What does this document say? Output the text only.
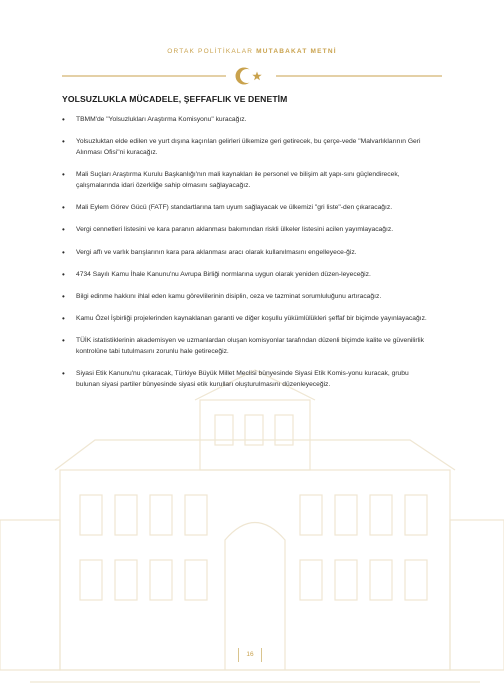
ORTAK POLİTİKALAR MUTABAKAT METNİ
YOLSUZLUKLA MÜCADELE, ŞEFFAFLIK VE DENETİM
• TBMM'de "Yolsuzlukları Araştırma Komisyonu" kuracağız.
• Yolsuzluktan elde edilen ve yurt dışına kaçırılan gelirleri ülkemize geri getirecek, bu çerçe-vede "Malvarlıklarının Geri Alınması Ofisi"ni kuracağız.
• Mali Suçları Araştırma Kurulu Başkanlığı'nın mali kaynakları ile personel ve bilişim alt yapı-sını güçlendirecek, çalışmalarında idari özerkliğe sahip olmasını sağlayacağız.
• Mali Eylem Görev Gücü (FATF) standartlarına tam uyum sağlayacak ve ülkemizi "gri liste"-den çıkaracağız.
• Vergi cennetleri listesini ve kara paranın aklanması bakımından riskli ülkeler listesini acilen yayımlayacağız.
• Vergi affı ve varlık barışlarının kara para aklanması aracı olarak kullanılmasını engelleyece-ğiz.
• 4734 Sayılı Kamu İhale Kanunu'nu Avrupa Birliği normlarına uygun olarak yeniden düzen-leyeceğiz.
• Bilgi edinme hakkını ihlal eden kamu görevlilerinin disiplin, ceza ve tazminat sorumluluğunu artıracağız.
• Kamu Özel İşbirliği projelerinden kaynaklanan garanti ve diğer koşullu yükümlülükleri şeffaf bir biçimde yayınlayacağız.
• TÜİK istatistiklerinin akademisyen ve uzmanlardan oluşan komisyonlar tarafından düzenli biçimde kalite ve güvenilirlik kontrolüne tabi tutulmasını zorunlu hale getireceğiz.
• Siyasi Etik Kanunu'nu çıkaracak, Türkiye Büyük Millet Meclisi bünyesinde Siyasi Etik Komis-yonu kuracak, grubu bulunan siyasi partiler bünyesinde siyasi etik kurulları oluşturulmasını düzenleyeceğiz.
16
